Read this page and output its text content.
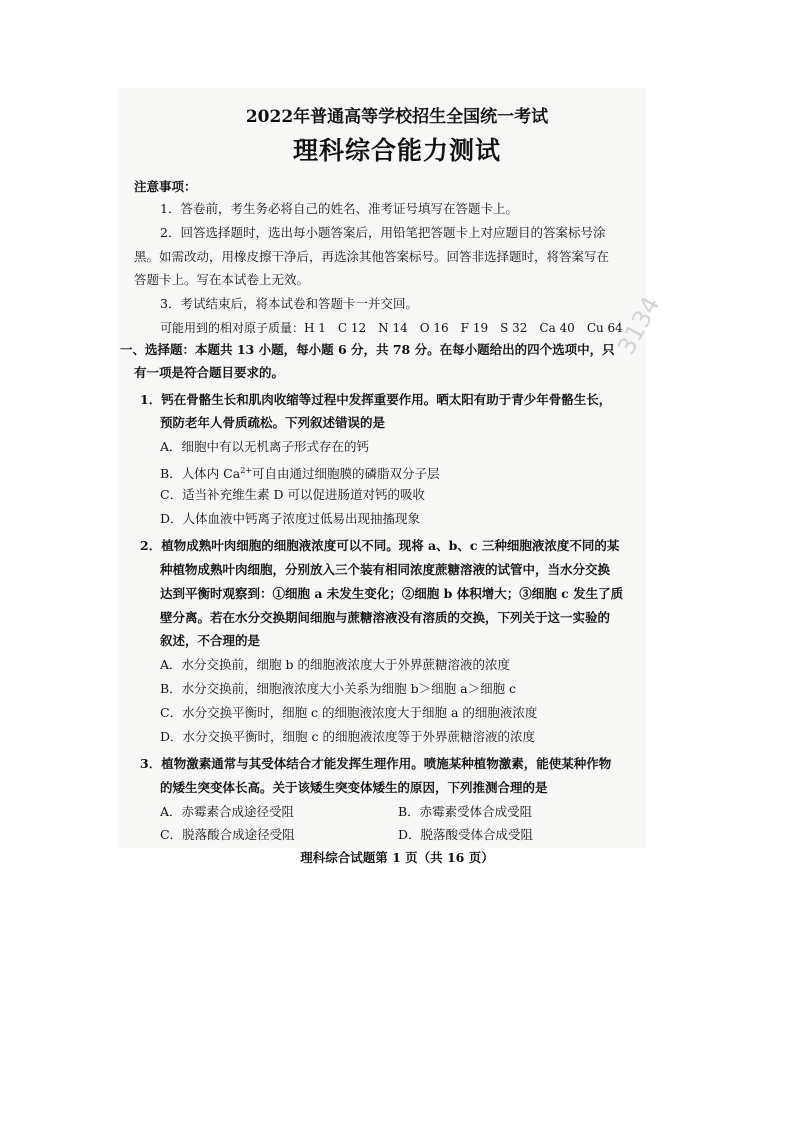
2022年普通高等学校招生全国统一考试
理科综合能力测试
注意事项：
1．答卷前，考生务必将自己的姓名、准考证号填写在答题卡上。
2．回答选择题时，选出每小题答案后，用铅笔把答题卡上对应题目的答案标号涂
黑。如需改动，用橡皮擦干净后，再选涂其他答案标号。回答非选择题时，将答案写在
答题卡上。写在本试卷上无效。
3．考试结束后，将本试卷和答题卡一并交回。
可能用到的相对原子质量：H 1　C 12　N 14　O 16　F 19　S 32　Ca 40　Cu 64
一、选择题：本题共 13 小题，每小题 6 分，共 78 分。在每小题给出的四个选项中，只
有一项是符合题目要求的。
1．钙在骨骼生长和肌肉收缩等过程中发挥重要作用。晒太阳有助于青少年骨骼生长，
预防老年人骨质疏松。下列叙述错误的是
A．细胞中有以无机离子形式存在的钙
B．人体内 $Ca^{2+}$可自由通过细胞膜的磷脂双分子层
C．适当补充维生素 D 可以促进肠道对钙的吸收
D．人体血液中钙离子浓度过低易出现抽搐现象
2．植物成熟叶肉细胞的细胞液浓度可以不同。现将 a、b、c 三种细胞液浓度不同的某
种植物成熟叶肉细胞，分别放入三个装有相同浓度蔗糖溶液的试管中，当水分交换
达到平衡时观察到：①细胞 a 未发生变化；②细胞 b 体积增大；③细胞 c 发生了质
壁分离。若在水分交换期间细胞与蔗糖溶液没有溶质的交换，下列关于这一实验的
叙述，不合理的是
A．水分交换前，细胞 b 的细胞液浓度大于外界蔗糖溶液的浓度
B．水分交换前，细胞液浓度大小关系为细胞 b＞细胞 a＞细胞 c
C．水分交换平衡时，细胞 c 的细胞液浓度大于细胞 a 的细胞液浓度
D．水分交换平衡时，细胞 c 的细胞液浓度等于外界蔗糖溶液的浓度
3．植物激素通常与其受体结合才能发挥生理作用。喷施某种植物激素，能使某种作物
的矮生突变体长高。关于该矮生突变体矮生的原因，下列推测合理的是
A．赤霉素合成途径受阻	B．赤霉素受体合成受阻
C．脱落酸合成途径受阻	D．脱落酸受体合成受阻
理科综合试题第 1 页（共 16 页）
3134
